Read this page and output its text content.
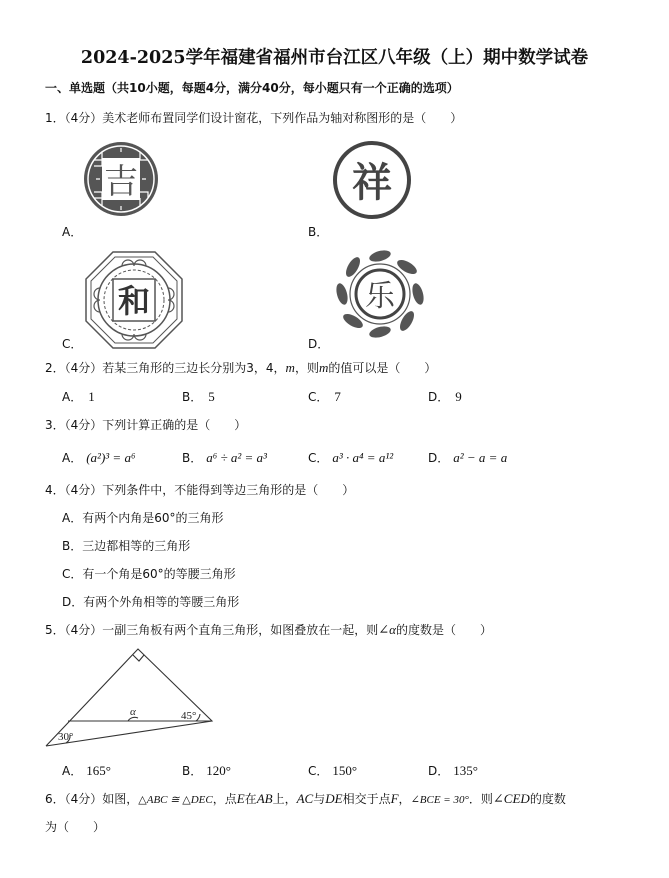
2024-2025学年福建省福州市台江区八年级（上）期中数学试卷
一、单选题（共10小题，每题4分，满分40分，每小题只有一个正确的选项）
1．（4分）美术老师布置同学们设计窗花，下列作品为轴对称图形的是（　　）
吉
A．
祥
B．
和
C．
乐
D．
2．（4分）若某三角形的三边长分别为3，4，m，则m的值可以是（　　）
A． 1	B． 5	C． 7	D． 9
3．（4分）下列计算正确的是（　　）
A． (a²)³ = a⁶	B． a⁶ ÷ a² = a³	C． a³ · a⁴ = a¹²	D． a² − a = a
4．（4分）下列条件中，不能得到等边三角形的是（　　）
A．有两个内角是60°的三角形
B．三边都相等的三角形
C．有一个角是60°的等腰三角形
D．有两个外角相等的等腰三角形
5．（4分）一副三角板有两个直角三角形，如图叠放在一起，则∠α的度数是（　　）
α	45°
30°
A． 165°	B． 120°	C． 150°	D． 135°
6．（4分）如图，△ABC ≅ △DEC，点E在AB上，AC与DE相交于点F，∠BCE = 30°．则∠CED的度数
为（　　）
